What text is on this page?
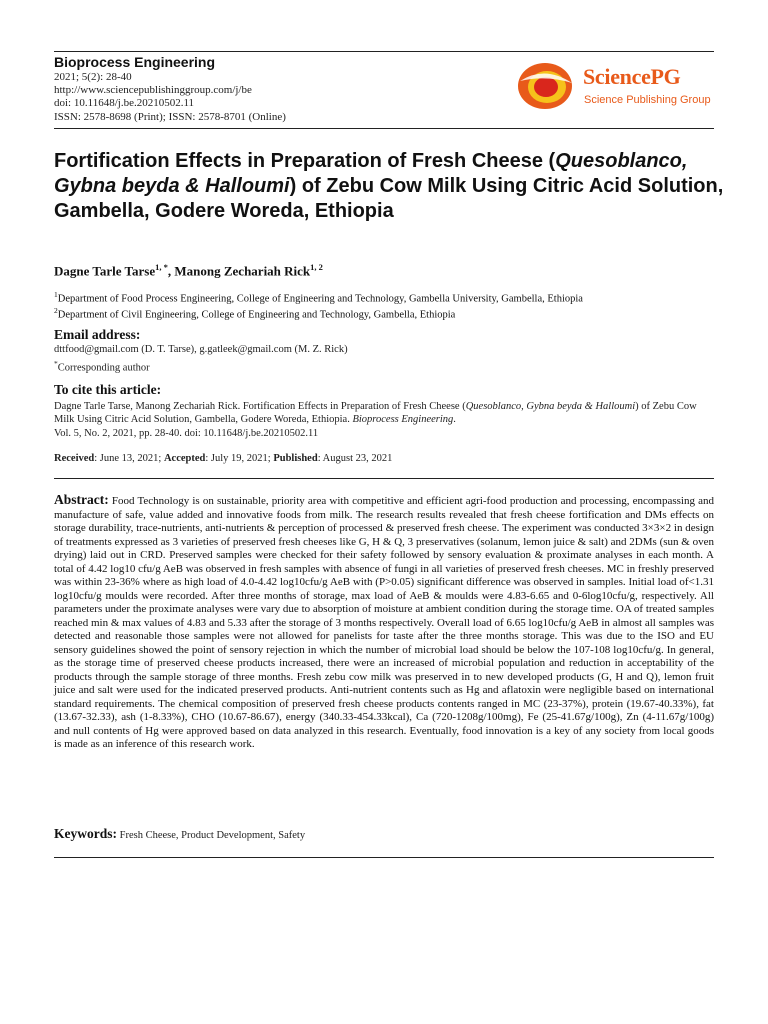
Bioprocess Engineering
2021; 5(2): 28-40
http://www.sciencepublishinggroup.com/j/be
doi: 10.11648/j.be.20210502.11
ISSN: 2578-8698 (Print); ISSN: 2578-8701 (Online)
SciencePG
Science Publishing Group
Fortification Effects in Preparation of Fresh Cheese (Quesoblanco, Gybna beyda & Halloumi) of Zebu Cow Milk Using Citric Acid Solution, Gambella, Godere Woreda, Ethiopia
Dagne Tarle Tarse$^{1, *}$, Manong Zechariah Rick$^{1, 2}$
$^1$Department of Food Process Engineering, College of Engineering and Technology, Gambella University, Gambella, Ethiopia
$^2$Department of Civil Engineering, College of Engineering and Technology, Gambella, Ethiopia
Email address:
dttfood@gmail.com (D. T. Tarse), g.gatleek@gmail.com (M. Z. Rick)
*Corresponding author
To cite this article:

Dagne Tarle Tarse, Manong Zechariah Rick. Fortification Effects in Preparation of Fresh Cheese (Quesoblanco, Gybna beyda & Halloumi) of Zebu Cow Milk Using Citric Acid Solution, Gambella, Godere Woreda, Ethiopia. Bioprocess Engineering.

Vol. 5, No. 2, 2021, pp. 28-40. doi: 10.11648/j.be.20210502.11

Received: June 13, 2021; Accepted: July 19, 2021; Published: August 23, 2021
Abstract: Food Technology is on sustainable, priority area with competitive and efficient agri-food production and processing, encompassing and manufacture of safe, value added and innovative foods from milk. The research results revealed that fresh cheese fortification and DMs effects on storage durability, trace-nutrients, anti-nutrients & perception of processed & preserved fresh cheese. The experiment was conducted 3×3×2 in design of treatments expressed as 3 varieties of preserved fresh cheeses like G, H & Q, 3 preservatives (solanum, lemon juice & salt) and 2DMs (sun & oven drying) laid out in CRD. Preserved samples were checked for their safety followed by sensory evaluation & proximate analyses in each month. A total of 4.42 log10 cfu/g AeB was observed in fresh samples with absence of fungi in all varieties of preserved fresh cheeses. MC in freshly preserved was within 23-36% where as high load of 4.0-4.42 log10cfu/g AeB with (P>0.05) significant difference was observed in samples. Initial load of<1.31 log10cfu/g moulds were recorded. After three months of storage, max load of AeB & moulds were 4.83-6.65 and 0-6log10cfu/g, respectively. All parameters under the proximate analyses were vary due to absorption of moisture at ambient condition during the storage time. OA of treated samples reached min & max values of 4.83 and 5.33 after the storage of 3 months respectively. Overall load of 6.65 log10cfu/g AeB in almost all samples was detected and reasonable those samples were not allowed for panelists for taste after the three months storage. This was due to the ISO and EU sensory guidelines showed the point of sensory rejection in which the number of microbial load should be below the 107-108 log10cfu/g. In general, as the storage time of preserved cheese products increased, there were an increased of microbial population and reduction in acceptability of the products through the sample storage of three months. Fresh zebu cow milk was preserved in to new developed products (G, H and Q), lemon fruit juice and salt were used for the indicated preserved products. Anti-nutrient contents such as Hg and aflatoxin were negligible based on international standard requirements. The chemical composition of preserved fresh cheese products contents ranged in MC (23-37%), protein (19.67-40.33%), fat (13.67-32.33), ash (1-8.33%), CHO (10.67-86.67), energy (340.33-454.33kcal), Ca (720-1208g/100mg), Fe (25-41.67g/100g), Zn (4-11.67g/100g) and null contents of Hg were approved based on data analyzed in this research. Eventually, food innovation is a key of any society from local goods is made as an inference of this research work.
Keywords: Fresh Cheese, Product Development, Safety
